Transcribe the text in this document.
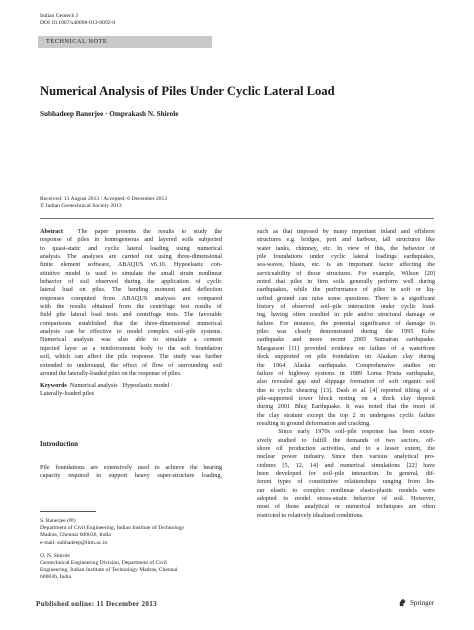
Indian Geotech J
DOI 10.1007/s40098-013-0092-0
TECHNICAL NOTE
Numerical Analysis of Piles Under Cyclic Lateral Load
Subhadeep Banerjee · Omprakash N. Shirole
Received: 13 August 2013 / Accepted: 6 December 2013
© Indian Geotechnical Society 2013
Abstract The paper presents the results to study the
response of piles in homogeneous and layered soils subjected
to quasi-static and cyclic lateral loading using numerical
analysis. The analyses are carried out using three-dimensional
finite element software, ABAQUS v6.10. Hypoelastic con-
stitutive model is used to simulate the small strain nonlinear
behavior of soil observed during the application of cyclic
lateral load on piles. The bending moment and deflection
responses computed from ABAQUS analyses are compared
with the results obtained from the centrifuge test results of
field pile lateral load tests and centrifuge tests. The favorable
comparisons established that the three-dimensional numerical
analysis can be effective to model complex soil–pile systems.
Numerical analysis was also able to simulate a cement
injected layer as a reinforcement body to the soft foundation
soil, which can affect the pile response. The study was further
extended to understand, the effect of flow of surrounding soil
around the laterally-loaded piles on the response of piles.
Keywords Numerical analysis · Hypoelastic model ·
Laterally-loaded piles
Introduction
Pile foundations are extensively used to achieve the bearing
capacity required to support heavy super-structure loading,
S. Banerjee (✉)
Department of Civil Engineering, Indian Institute of Technology
Madras, Chennai 600036, India
e-mail: subhadeep@iitm.ac.in
O. N. Shirole
Geotechnical Engineering Division, Department of Civil
Engineering, Indian Institute of Technology Madras, Chennai
600036, India
such as that imposed by many important inland and offshore
structures e.g. bridges, port and harbour, tall structures like
water tanks, chimney, etc. In view of this, the behavior of
pile foundations under cyclic lateral loadings earthquakes,
sea-waves, blasts, etc. is an important factor affecting the
serviceability of those structures. For example, Wilson [20]
noted that piles in firm soils generally perform well during
earthquakes, while the performance of piles in soft or liq-
uefied ground can raise some questions. There is a significant
history of observed soil–pile interaction under cyclic load-
ing, having often resulted in pile and/or structural damage or
failure. For instance, the potential significance of damage to
piles was clearly demonstrated during the 1995 Kobe
earthquake and more recent 2005 Sumatran earthquake.
Margasson [11] provided evidence on failure of a waterfront
dock supported on pile foundation on Alaskan clay during
the 1964 Alaska earthquake. Comprehensive studies on
failure of highway systems in 1989 Loma Prieta earthquake,
also revealed gap and slippage formation of soft organic soil
due to cyclic shearing [13]. Dash et al. [4] reported tilting of a
pile-supported tower block resting on a thick clay deposit
during 2001 Bhuj Earthquake. It was noted that the most of
the clay stratum except the top 2 m undergoes cyclic failure
resulting in ground deformation and cracking.
Since early 1970s soil–pile response has been exten-
sively studied to fulfill the demands of two sectors, off-
shore oil production activities, and to a lesser extent, the
nuclear power industry. Since then various analytical pro-
cedures [5, 12, 14] and numerical simulations [22] have
been developed for soil–pile interaction. In general, dif-
ferent types of constitutive relationships ranging from lin-
ear elastic to complex nonlinear elasto-plastic models were
adopted to model stress-strain behavior of soil. However,
most of those analytical or numerical techniques are often
restricted to relatively idealised conditions.
Published online: 11 December 2013	Springer
